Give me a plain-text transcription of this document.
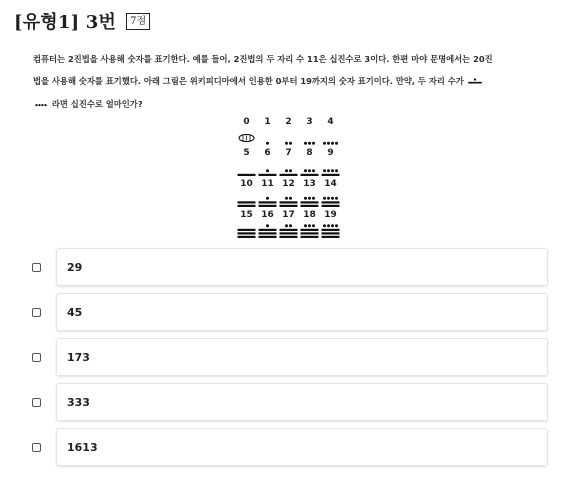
[유형1] 3번	7점
컴퓨터는 2진법을 사용해 숫자를 표기한다. 예를 들어, 2진법의 두 자리 수 11은 십진수로 3이다. 한편 마야 문명에서는 20진
법을 사용해 숫자를 표기했다. 아래 그림은 위키피디아에서 인용한 0부터 19까지의 숫자 표기이다. 만약, 두 자리 수가
라면 십진수로 얼마인가?
0	1	2	3	4
5	6	7	8	9
10 11 12 13 14
15 16 17 18 19
29
45
173
333
1613
